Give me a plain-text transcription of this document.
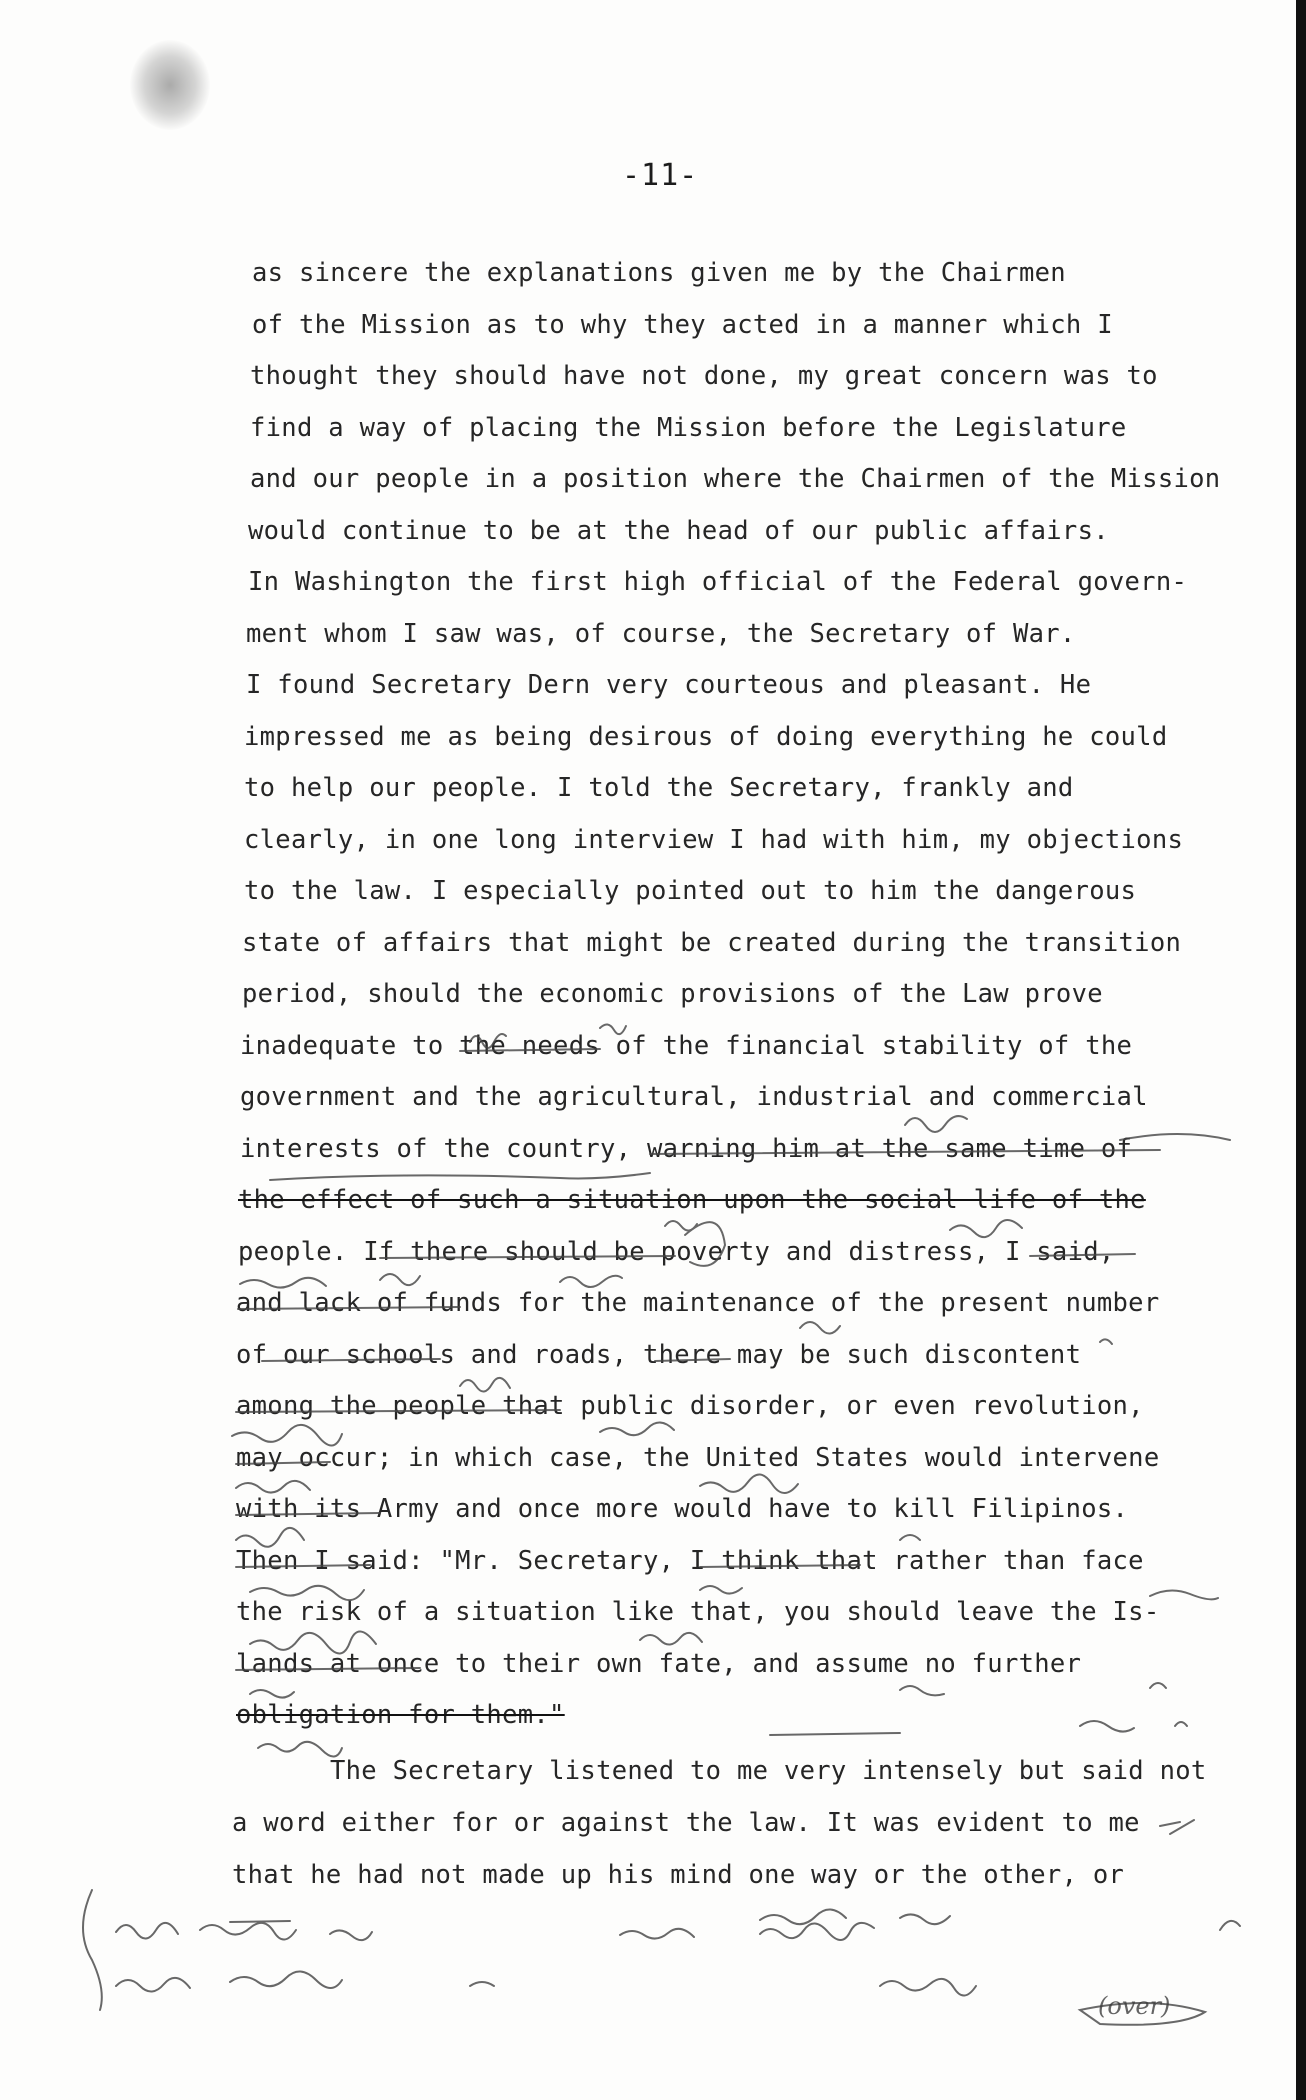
-11-
as sincere the explanations given me by the Chairmen
of the Mission as to why they acted in a manner which I
thought they should have not done, my great concern was to
find a way of placing the Mission before the Legislature
and our people in a position where the Chairmen of the Mission
would continue to be at the head of our public affairs.
In Washington the first high official of the Federal govern-
ment whom I saw was, of course, the Secretary of War.
I found Secretary Dern very courteous and pleasant. He
impressed me as being desirous of doing everything he could
to help our people. I told the Secretary, frankly and
clearly, in one long interview I had with him, my objections
to the law. I especially pointed out to him the dangerous
state of affairs that might be created during the transition
period, should the economic provisions of the Law prove
inadequate to the needs of the financial stability of the
government and the agricultural, industrial and commercial
interests of the country, warning him at the same time of
the effect of such a situation upon the social life of the
people. If there should be poverty and distress, I said,
and lack of funds for the maintenance of the present number
of our schools and roads, there may be such discontent
among the people that public disorder, or even revolution,
may occur; in which case, the United States would intervene
with its Army and once more would have to kill Filipinos.
Then I said: "Mr. Secretary, I think that rather than face
the risk of a situation like that, you should leave the Is-
lands at once to their own fate, and assume no further
obligation for them."
The Secretary listened to me very intensely but said not
a word either for or against the law. It was evident to me
that he had not made up his mind one way or the other, or
(over)
